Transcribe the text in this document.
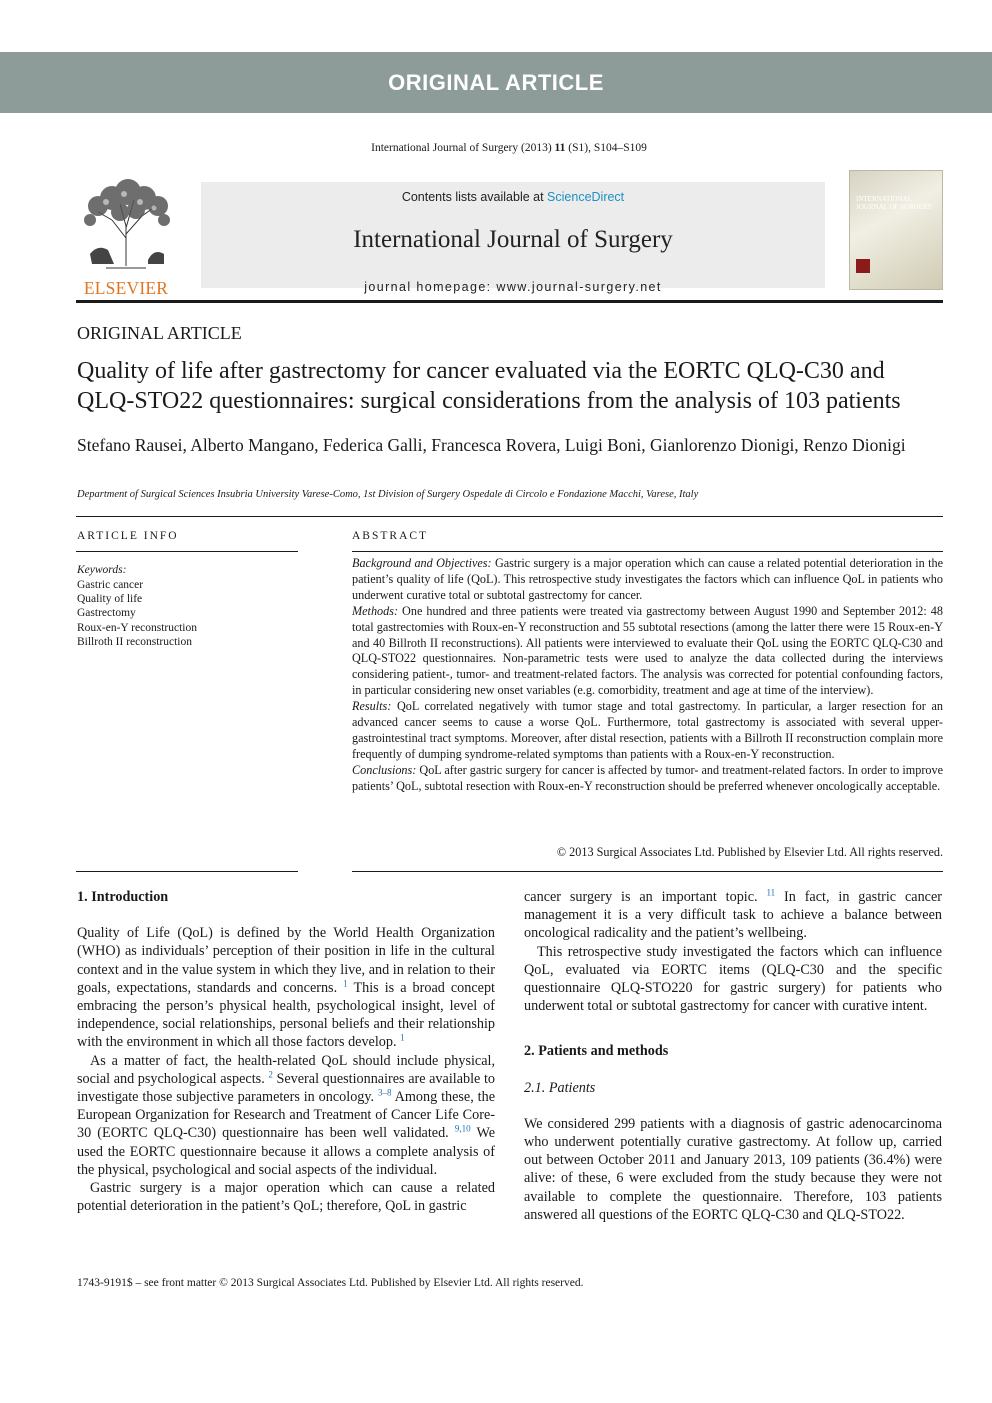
ORIGINAL ARTICLE
International Journal of Surgery (2013) 11 (S1), S104–S109
ELSEVIER
Contents lists available at ScienceDirect
International Journal of Surgery
journal homepage: www.journal-surgery.net
INTERNATIONAL JOURNAL OF SURGERY
ORIGINAL ARTICLE
Quality of life after gastrectomy for cancer evaluated via the EORTC QLQ-C30 and QLQ-STO22 questionnaires: surgical considerations from the analysis of 103 patients
Stefano Rausei, Alberto Mangano, Federica Galli, Francesca Rovera, Luigi Boni, Gianlorenzo Dionigi, Renzo Dionigi
Department of Surgical Sciences Insubria University Varese-Como, 1st Division of Surgery Ospedale di Circolo e Fondazione Macchi, Varese, Italy
ARTICLE INFO
Keywords:
Gastric cancer
Quality of life
Gastrectomy
Roux-en-Y reconstruction
Billroth II reconstruction
ABSTRACT

Background and Objectives: Gastric surgery is a major operation which can cause a related potential deterioration in the patient’s quality of life (QoL). This retrospective study investigates the factors which can influence QoL in patients who underwent curative total or subtotal gastrectomy for cancer.

Methods: One hundred and three patients were treated via gastrectomy between August 1990 and September 2012: 48 total gastrectomies with Roux-en-Y reconstruction and 55 subtotal resections (among the latter there were 15 Roux-en-Y and 40 Billroth II reconstructions). All patients were interviewed to evaluate their QoL using the EORTC QLQ-C30 and QLQ-STO22 questionnaires. Non-parametric tests were used to analyze the data collected during the interviews considering patient-, tumor- and treatment-related factors. The analysis was corrected for potential confounding factors, in particular considering new onset variables (e.g. comorbidity, treatment and age at time of the interview).

Results: QoL correlated negatively with tumor stage and total gastrectomy. In particular, a larger resection for an advanced cancer seems to cause a worse QoL. Furthermore, total gastrectomy is associated with several upper-gastrointestinal tract symptoms. Moreover, after distal resection, patients with a Billroth II reconstruction complain more frequently of dumping syndrome-related symptoms than patients with a Roux-en-Y reconstruction.

Conclusions: QoL after gastric surgery for cancer is affected by tumor- and treatment-related factors. In order to improve patients’ QoL, subtotal resection with Roux-en-Y reconstruction should be preferred whenever oncologically acceptable.

© 2013 Surgical Associates Ltd. Published by Elsevier Ltd. All rights reserved.
1. Introduction

Quality of Life (QoL) is defined by the World Health Organization (WHO) as individuals’ perception of their position in life in the cultural context and in the value system in which they live, and in relation to their goals, expectations, standards and concerns. $^1$ This is a broad concept embracing the person’s physical health, psychological insight, level of independence, social relationships, personal beliefs and their relationship with the environment in which all those factors develop. $^1$

As a matter of fact, the health-related QoL should include physical, social and psychological aspects. $^2$ Several questionnaires are available to investigate those subjective parameters in oncology. $^{3-8}$ Among these, the European Organization for Research and Treatment of Cancer Life Core-30 (EORTC QLQ-C30) questionnaire has been well validated. $^{9,10}$ We used the EORTC questionnaire because it allows a complete analysis of the physical, psychological and social aspects of the individual.

Gastric surgery is a major operation which can cause a related potential deterioration in the patient’s QoL; therefore, QoL in gastric

cancer surgery is an important topic. $^{11}$ In fact, in gastric cancer management it is a very difficult task to achieve a balance between oncological radicality and the patient’s wellbeing.

This retrospective study investigated the factors which can influence QoL, evaluated via EORTC items (QLQ-C30 and the specific questionnaire QLQ-STO220 for gastric surgery) for patients who underwent total or subtotal gastrectomy for cancer with curative intent.

2. Patients and methods
2.1. Patients

We considered 299 patients with a diagnosis of gastric adenocarcinoma who underwent potentially curative gastrectomy. At follow up, carried out between October 2011 and January 2013, 109 patients (36.4%) were alive: of these, 6 were excluded from the study because they were not available to complete the questionnaire. Therefore, 103 patients answered all questions of the EORTC QLQ-C30 and QLQ-STO22.

1743-9191$ – see front matter © 2013 Surgical Associates Ltd. Published by Elsevier Ltd. All rights reserved.
